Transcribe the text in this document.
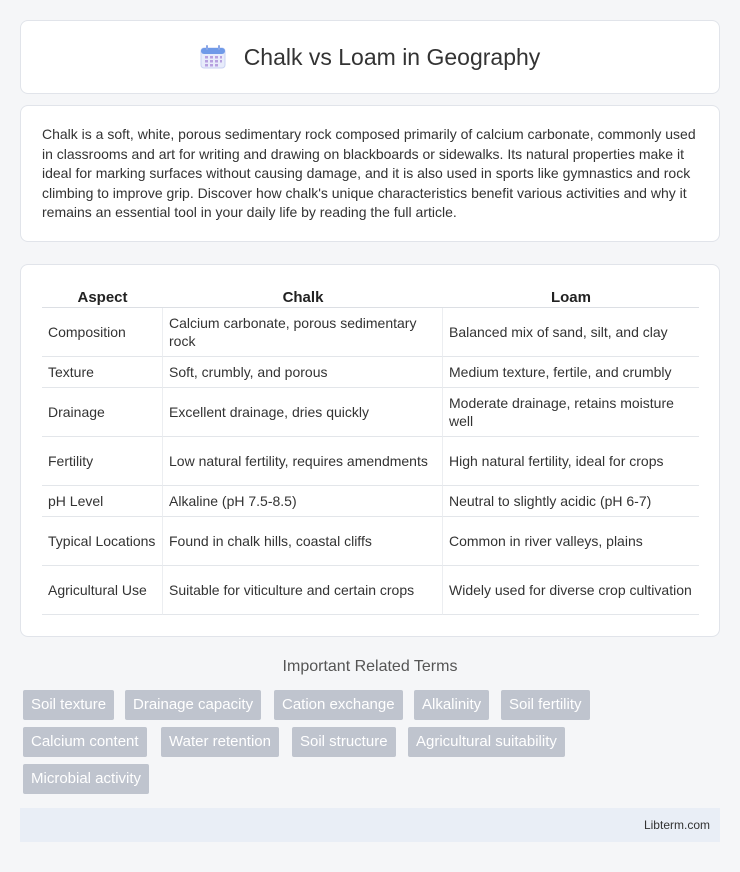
Chalk vs Loam in Geography

Chalk is a soft, white, porous sedimentary rock composed primarily of calcium carbonate, commonly used in classrooms and art for writing and drawing on blackboards or sidewalks. Its natural properties make it ideal for marking surfaces without causing damage, and it is also used in sports like gymnastics and rock climbing to improve grip. Discover how chalk's unique characteristics benefit various activities and why it remains an essential tool in your daily life by reading the full article.

Aspect	Chalk	Loam
Composition	Calcium carbonate, porous sedimentary rock	Balanced mix of sand, silt, and clay
Texture	Soft, crumbly, and porous	Medium texture, fertile, and crumbly
Drainage	Excellent drainage, dries quickly	Moderate drainage, retains moisture well
Fertility	Low natural fertility, requires amendments	High natural fertility, ideal for crops
pH Level	Alkaline (pH 7.5-8.5)	Neutral to slightly acidic (pH 6-7)
Typical Locations	Found in chalk hills, coastal cliffs	Common in river valleys, plains
Agricultural Use	Suitable for viticulture and certain crops	Widely used for diverse crop cultivation
Important Related Terms
Soil texture	Drainage capacity	Cation exchange	Alkalinity	Soil fertility
Calcium content	Water retention	Soil structure	Agricultural suitability
Microbial activity
Libterm.com
